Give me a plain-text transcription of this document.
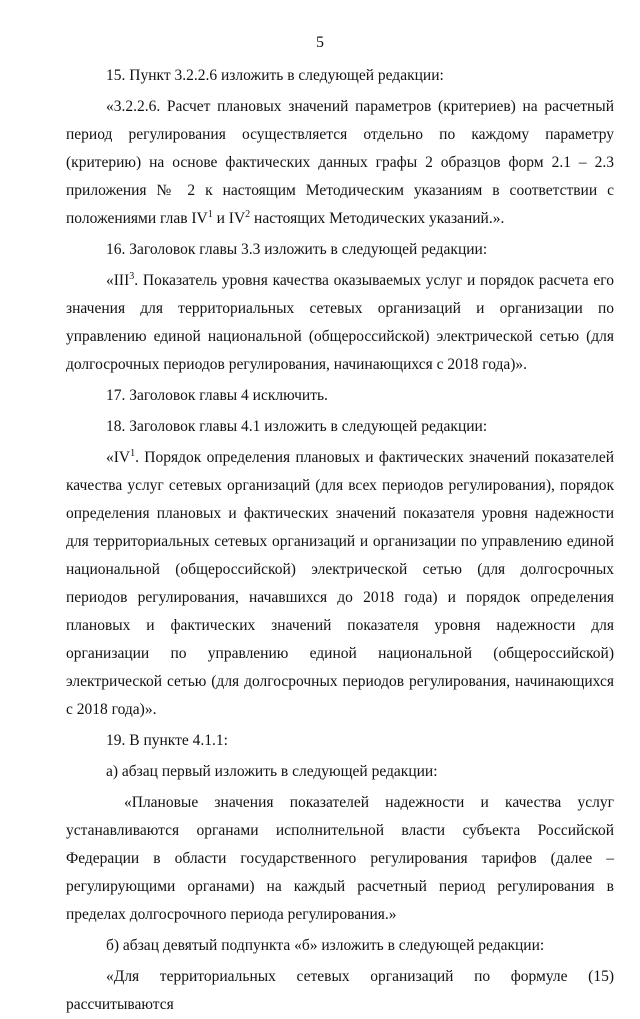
5

15. Пункт 3.2.2.6 изложить в следующей редакции:

«3.2.2.6. Расчет плановых значений параметров (критериев) на расчетный период регулирования осуществляется отдельно по каждому параметру (критерию) на основе фактических данных графы 2 образцов форм 2.1 – 2.3 приложения № 2 к настоящим Методическим указаниям в соответствии с положениями глав $IV^1$ и $IV^2$ настоящих Методических указаний.».

16. Заголовок главы 3.3 изложить в следующей редакции:

«III$^3$. Показатель уровня качества оказываемых услуг и порядок расчета его значения для территориальных сетевых организаций и организации по управлению единой национальной (общероссийской) электрической сетью (для долгосрочных периодов регулирования, начинающихся с 2018 года)».

17. Заголовок главы 4 исключить.

18. Заголовок главы 4.1 изложить в следующей редакции:

«$IV^1$. Порядок определения плановых и фактических значений показателей качества услуг сетевых организаций (для всех периодов регулирования), порядок определения плановых и фактических значений показателя уровня надежности для территориальных сетевых организаций и организации по управлению единой национальной (общероссийской) электрической сетью (для долгосрочных периодов регулирования, начавшихся до 2018 года) и порядок определения плановых и фактических значений показателя уровня надежности для организации по управлению единой национальной (общероссийской) электрической сетью (для долгосрочных периодов регулирования, начинающихся с 2018 года)».

19. В пункте 4.1.1:

а) абзац первый изложить в следующей редакции:

«Плановые значения показателей надежности и качества услуг устанавливаются органами исполнительной власти субъекта Российской Федерации в области государственного регулирования тарифов (далее – регулирующими органами) на каждый расчетный период регулирования в пределах долгосрочного периода регулирования.»

б) абзац девятый подпункта «б» изложить в следующей редакции:

«Для территориальных сетевых организаций по формуле (15) рассчитываются
